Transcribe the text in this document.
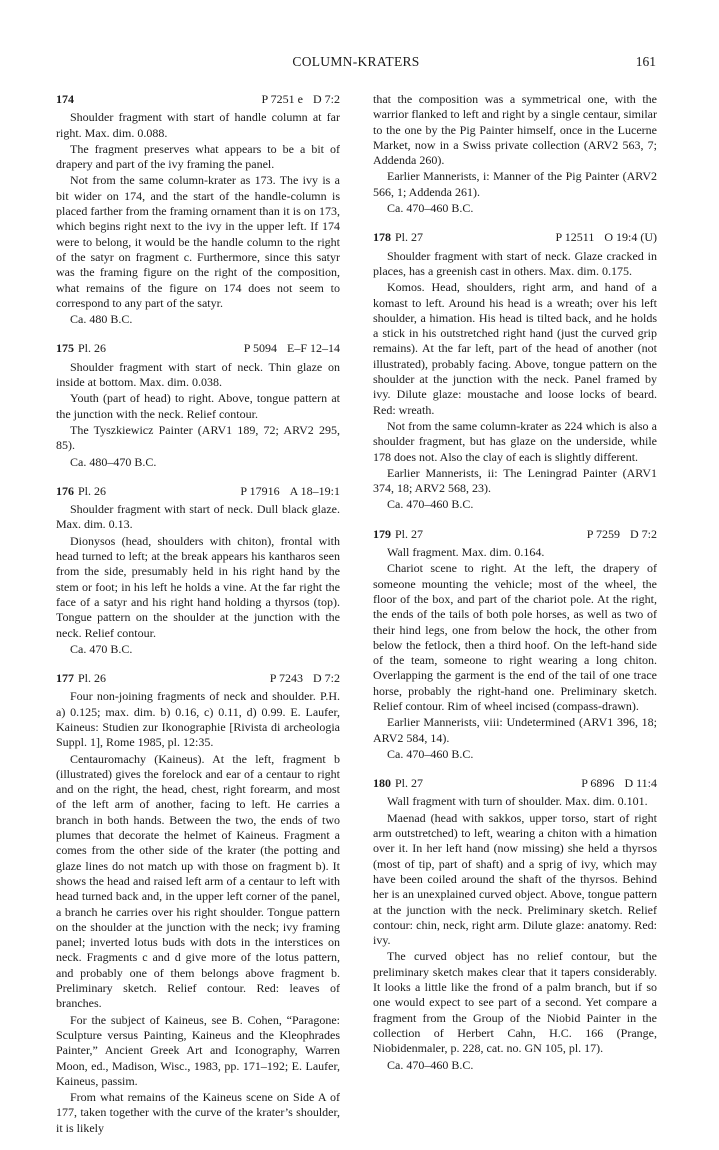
COLUMN-KRATERS	161
174	P 7251 e D 7:2

Shoulder fragment with start of handle column at far right. Max. dim. 0.088.

The fragment preserves what appears to be a bit of drapery and part of the ivy framing the panel.

Not from the same column-krater as 173. The ivy is a bit wider on 174, and the start of the handle-column is placed farther from the framing ornament than it is on 173, which begins right next to the ivy in the upper left. If 174 were to belong, it would be the handle column to the right of the satyr on fragment c. Furthermore, since this satyr was the framing figure on the right of the composition, what remains of the figure on 174 does not seem to correspond to any part of the satyr.

Ca. 480 B.C.

175 Pl. 26	P 5094 E–F 12–14

Shoulder fragment with start of neck. Thin glaze on inside at bottom. Max. dim. 0.038.

Youth (part of head) to right. Above, tongue pattern at the junction with the neck. Relief contour.

The Tyszkiewicz Painter (ARV1 189, 72; ARV2 295, 85).

Ca. 480–470 B.C.

176 Pl. 26	P 17916 A 18–19:1

Shoulder fragment with start of neck. Dull black glaze. Max. dim. 0.13.

Dionysos (head, shoulders with chiton), frontal with head turned to left; at the break appears his kantharos seen from the side, presumably held in his right hand by the stem or foot; in his left he holds a vine. At the far right the face of a satyr and his right hand holding a thyrsos (top). Tongue pattern on the shoulder at the junction with the neck. Relief contour.

Ca. 470 B.C.

177 Pl. 26	P 7243 D 7:2

Four non-joining fragments of neck and shoulder. P.H. a) 0.125; max. dim. b) 0.16, c) 0.11, d) 0.99. E. Laufer, Kaineus: Studien zur Ikonographie [Rivista di archeologia Suppl. 1], Rome 1985, pl. 12:35.

Centauromachy (Kaineus). At the left, fragment b (illustrated) gives the forelock and ear of a centaur to right and on the right, the head, chest, right forearm, and most of the left arm of another, facing to left. He carries a branch in both hands. Between the two, the ends of two plumes that decorate the helmet of Kaineus. Fragment a comes from the other side of the krater (the potting and glaze lines do not match up with those on fragment b). It shows the head and raised left arm of a centaur to left with head turned back and, in the upper left corner of the panel, a branch he carries over his right shoulder. Tongue pattern on the shoulder at the junction with the neck; ivy framing panel; inverted lotus buds with dots in the interstices on neck. Fragments c and d give more of the lotus pattern, and probably one of them belongs above fragment b. Preliminary sketch. Relief contour. Red: leaves of branches.

For the subject of Kaineus, see B. Cohen, “Paragone: Sculpture versus Painting, Kaineus and the Kleophrades Painter,” Ancient Greek Art and Iconography, Warren Moon, ed., Madison, Wisc., 1983, pp. 171–192; E. Laufer, Kaineus, passim.

From what remains of the Kaineus scene on Side A of 177, taken together with the curve of the krater’s shoulder, it is likely

that the composition was a symmetrical one, with the warrior flanked to left and right by a single centaur, similar to the one by the Pig Painter himself, once in the Lucerne Market, now in a Swiss private collection (ARV2 563, 7; Addenda 260).

Earlier Mannerists, i: Manner of the Pig Painter (ARV2 566, 1; Addenda 261).

Ca. 470–460 B.C.

178 Pl. 27	P 12511 O 19:4 (U)

Shoulder fragment with start of neck. Glaze cracked in places, has a greenish cast in others. Max. dim. 0.175.

Komos. Head, shoulders, right arm, and hand of a komast to left. Around his head is a wreath; over his left shoulder, a himation. His head is tilted back, and he holds a stick in his outstretched right hand (just the curved grip remains). At the far left, part of the head of another (not illustrated), probably facing. Above, tongue pattern on the shoulder at the junction with the neck. Panel framed by ivy. Dilute glaze: moustache and loose locks of beard. Red: wreath.

Not from the same column-krater as 224 which is also a shoulder fragment, but has glaze on the underside, while 178 does not. Also the clay of each is slightly different.

Earlier Mannerists, ii: The Leningrad Painter (ARV1 374, 18; ARV2 568, 23).

Ca. 470–460 B.C.

179 Pl. 27	P 7259 D 7:2

Wall fragment. Max. dim. 0.164.

Chariot scene to right. At the left, the drapery of someone mounting the vehicle; most of the wheel, the floor of the box, and part of the chariot pole. At the right, the ends of the tails of both pole horses, as well as two of their hind legs, one from below the hock, the other from below the fetlock, then a third hoof. On the left-hand side of the team, someone to right wearing a long chiton. Overlapping the garment is the end of the tail of one trace horse, probably the right-hand one. Preliminary sketch. Relief contour. Rim of wheel incised (compass-drawn).

Earlier Mannerists, viii: Undetermined (ARV1 396, 18; ARV2 584, 14).

Ca. 470–460 B.C.

180 Pl. 27	P 6896 D 11:4

Wall fragment with turn of shoulder. Max. dim. 0.101.

Maenad (head with sakkos, upper torso, start of right arm outstretched) to left, wearing a chiton with a himation over it. In her left hand (now missing) she held a thyrsos (most of tip, part of shaft) and a sprig of ivy, which may have been coiled around the shaft of the thyrsos. Behind her is an unexplained curved object. Above, tongue pattern at the junction with the neck. Preliminary sketch. Relief contour: chin, neck, right arm. Dilute glaze: anatomy. Red: ivy.

The curved object has no relief contour, but the preliminary sketch makes clear that it tapers considerably. It looks a little like the frond of a palm branch, but if so one would expect to see part of a second. Yet compare a fragment from the Group of the Niobid Painter in the collection of Herbert Cahn, H.C. 166 (Prange, Niobidenmaler, p. 228, cat. no. GN 105, pl. 17).

Ca. 470–460 B.C.
